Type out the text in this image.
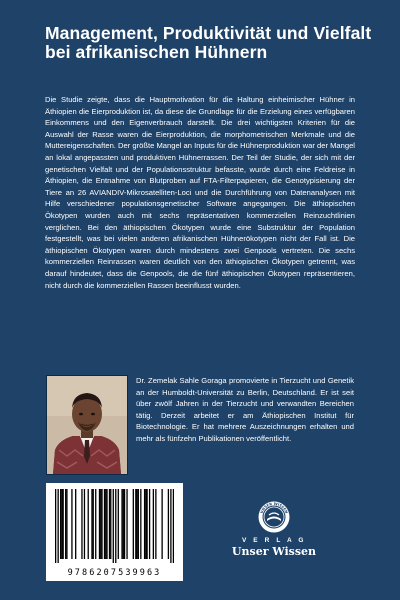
Management, Produktivität und Vielfalt bei afrikanischen Hühnern

Die Studie zeigte, dass die Hauptmotivation für die Haltung einheimischer Hühner in Äthiopien die Eierproduktion ist, da diese die Grundlage für die Erzielung eines verfügbaren Einkommens und den Eigenverbrauch darstellt. Die drei wichtigsten Kriterien für die Auswahl der Rasse waren die Eierproduktion, die morphometrischen Merkmale und die Muttereigenschaften. Der größte Mangel an Inputs für die Hühnerproduktion war der Mangel an lokal angepassten und produktiven Hühnerrassen. Der Teil der Studie, der sich mit der genetischen Vielfalt und der Populationsstruktur befasste, wurde durch eine Feldreise in Äthiopien, die Entnahme von Blutproben auf FTA-Filterpapieren, die Genotypisierung der Tiere an 26 AVIANDIV-Mikrosatelliten-Loci und die Durchführung von Datenanalysen mit Hilfe verschiedener populationsgenetischer Software angegangen. Die äthiopischen Ökotypen wurden auch mit sechs repräsentativen kommerziellen Reinzuchtlinien verglichen. Bei den äthiopischen Ökotypen wurde eine Substruktur der Population festgestellt, was bei vielen anderen afrikanischen Hühnerökotypen nicht der Fall ist. Die äthiopischen Ökotypen waren durch mindestens zwei Genpools vertreten. Die sechs kommerziellen Reinrassen waren deutlich von den äthiopischen Ökotypen getrennt, was darauf hindeutet, dass die Genpools, die die fünf äthiopischen Ökotypen repräsentieren, nicht durch die kommerziellen Rassen beeinflusst wurden.

Dr. Zemelak Sahle Goraga promovierte in Tierzucht und Genetik an der Humboldt-Universität zu Berlin, Deutschland. Er ist seit über zwölf Jahren in der Tierzucht und verwandten Bereichen tätig. Derzeit arbeitet er am Äthiopischen Institut für Biotechnologie. Er hat mehrere Auszeichnungen erhalten und mehr als fünfzehn Publikationen veröffentlicht.

9786207539963
UNSER WISSEN
V E R L A G
Unser Wissen
